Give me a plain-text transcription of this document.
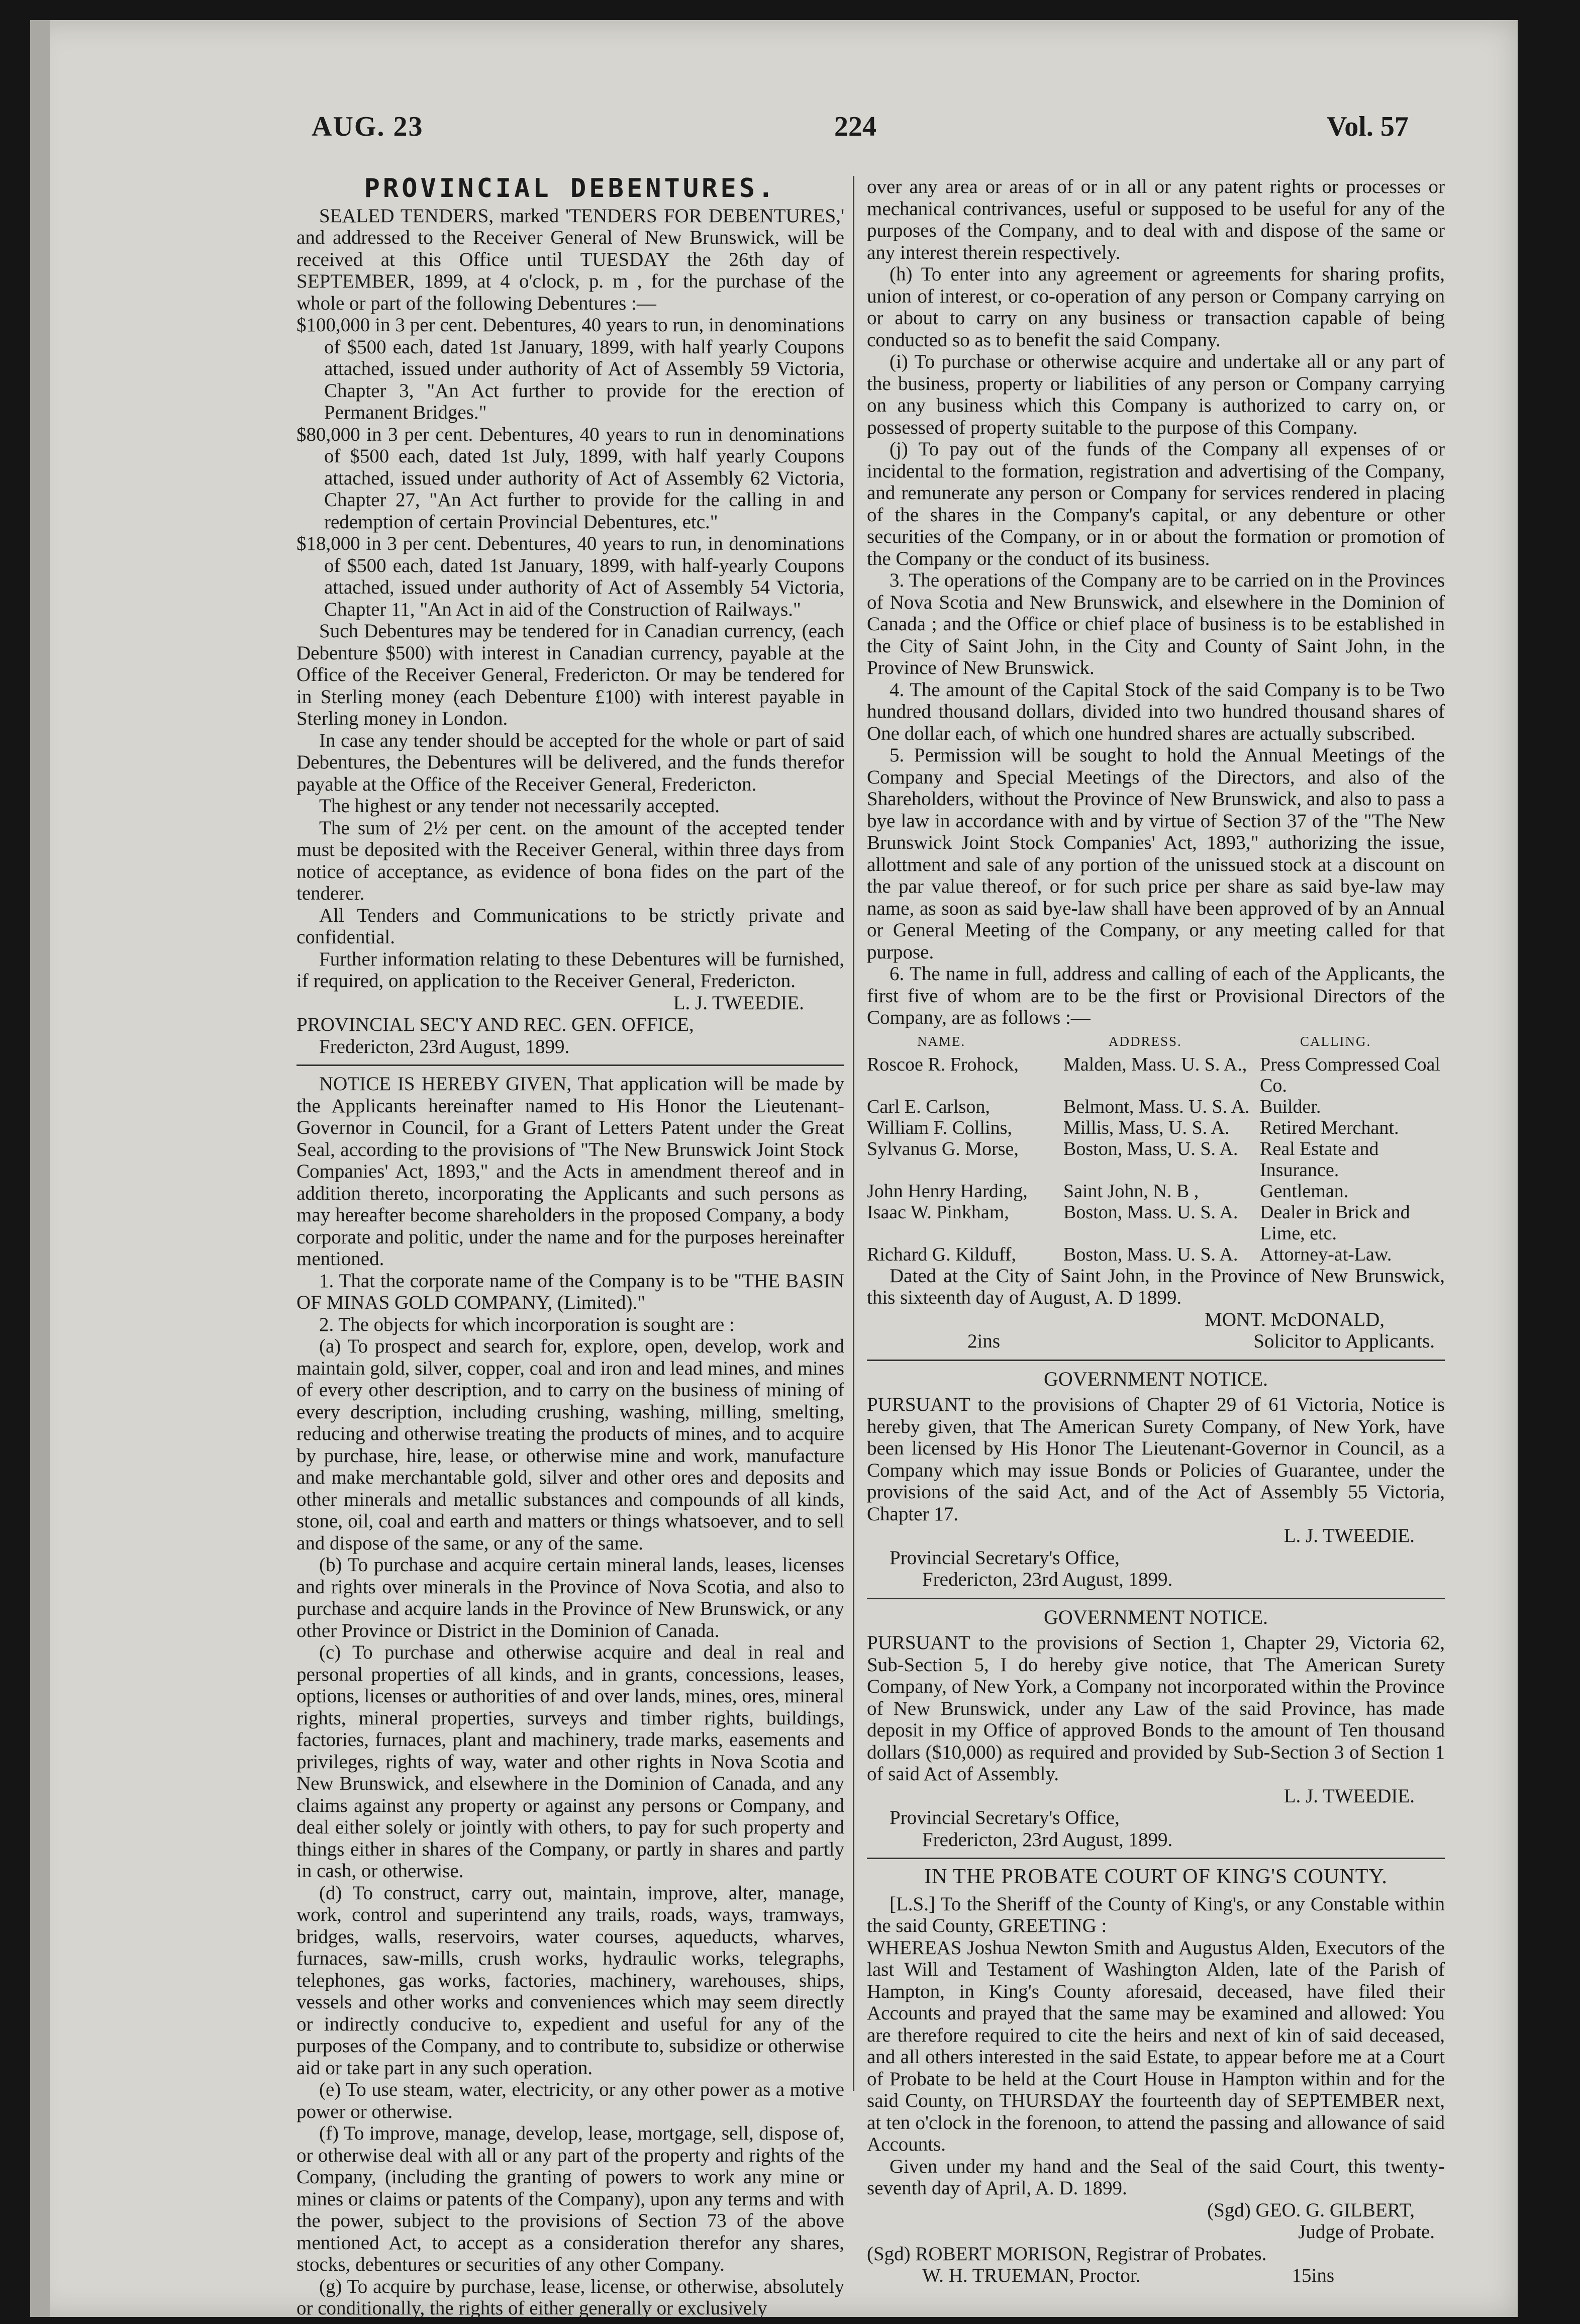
AUG. 23	224	Vol. 57
PROVINCIAL DEBENTURES.

SEALED TENDERS, marked 'TENDERS FOR DEBENTURES,' and addressed to the Receiver General of New Brunswick, will be received at this Office until TUESDAY the 26th day of SEPTEMBER, 1899, at 4 o'clock, p. m , for the purchase of the whole or part of the following Debentures :—

$100,000 in 3 per cent. Debentures, 40 years to run, in denominations of $500 each, dated 1st January, 1899, with half yearly Coupons attached, issued under authority of Act of Assembly 59 Victoria, Chapter 3, "An Act further to provide for the erection of Permanent Bridges."

$80,000 in 3 per cent. Debentures, 40 years to run in denominations of $500 each, dated 1st July, 1899, with half yearly Coupons attached, issued under authority of Act of Assembly 62 Victoria, Chapter 27, "An Act further to provide for the calling in and redemption of certain Provincial Debentures, etc."

$18,000 in 3 per cent. Debentures, 40 years to run, in denominations of $500 each, dated 1st January, 1899, with half-yearly Coupons attached, issued under authority of Act of Assembly 54 Victoria, Chapter 11, "An Act in aid of the Construction of Railways."

Such Debentures may be tendered for in Canadian currency, (each Debenture $500) with interest in Canadian currency, payable at the Office of the Receiver General, Fredericton. Or may be tendered for in Sterling money (each Debenture £100) with interest payable in Sterling money in London.

In case any tender should be accepted for the whole or part of said Debentures, the Debentures will be delivered, and the funds therefor payable at the Office of the Receiver General, Fredericton.

The highest or any tender not necessarily accepted.

The sum of 2½ per cent. on the amount of the accepted tender must be deposited with the Receiver General, within three days from notice of acceptance, as evidence of bona fides on the part of the tenderer.

All Tenders and Communications to be strictly private and confidential.

Further information relating to these Debentures will be furnished, if required, on application to the Receiver General, Fredericton.

L. J. TWEEDIE.

PROVINCIAL SEC'Y AND REC. GEN. OFFICE,

Fredericton, 23rd August, 1899.

NOTICE IS HEREBY GIVEN, That application will be made by the Applicants hereinafter named to His Honor the Lieutenant-Governor in Council, for a Grant of Letters Patent under the Great Seal, according to the provisions of "The New Brunswick Joint Stock Companies' Act, 1893," and the Acts in amendment thereof and in addition thereto, incorporating the Applicants and such persons as may hereafter become shareholders in the proposed Company, a body corporate and politic, under the name and for the purposes hereinafter mentioned.

1. That the corporate name of the Company is to be "THE BASIN OF MINAS GOLD COMPANY, (Limited)."

2. The objects for which incorporation is sought are :

(a) To prospect and search for, explore, open, develop, work and maintain gold, silver, copper, coal and iron and lead mines, and mines of every other description, and to carry on the business of mining of every description, including crushing, washing, milling, smelting, reducing and otherwise treating the products of mines, and to acquire by purchase, hire, lease, or otherwise mine and work, manufacture and make merchantable gold, silver and other ores and deposits and other minerals and metallic substances and compounds of all kinds, stone, oil, coal and earth and matters or things whatsoever, and to sell and dispose of the same, or any of the same.

(b) To purchase and acquire certain mineral lands, leases, licenses and rights over minerals in the Province of Nova Scotia, and also to purchase and acquire lands in the Province of New Brunswick, or any other Province or District in the Dominion of Canada.

(c) To purchase and otherwise acquire and deal in real and personal properties of all kinds, and in grants, concessions, leases, options, licenses or authorities of and over lands, mines, ores, mineral rights, mineral properties, surveys and timber rights, buildings, factories, furnaces, plant and machinery, trade marks, easements and privileges, rights of way, water and other rights in Nova Scotia and New Brunswick, and elsewhere in the Dominion of Canada, and any claims against any property or against any persons or Company, and deal either solely or jointly with others, to pay for such property and things either in shares of the Company, or partly in shares and partly in cash, or otherwise.

(d) To construct, carry out, maintain, improve, alter, manage, work, control and superintend any trails, roads, ways, tramways, bridges, walls, reservoirs, water courses, aqueducts, wharves, furnaces, saw-mills, crush works, hydraulic works, telegraphs, telephones, gas works, factories, machinery, warehouses, ships, vessels and other works and conveniences which may seem directly or indirectly conducive to, expedient and useful for any of the purposes of the Company, and to contribute to, subsidize or otherwise aid or take part in any such operation.

(e) To use steam, water, electricity, or any other power as a motive power or otherwise.

(f) To improve, manage, develop, lease, mortgage, sell, dispose of, or otherwise deal with all or any part of the property and rights of the Company, (including the granting of powers to work any mine or mines or claims or patents of the Company), upon any terms and with the power, subject to the provisions of Section 73 of the above mentioned Act, to accept as a consideration therefor any shares, stocks, debentures or securities of any other Company.

(g) To acquire by purchase, lease, license, or otherwise, absolutely or conditionally, the rights of either generally or exclusively

over any area or areas of or in all or any patent rights or processes or mechanical contrivances, useful or supposed to be useful for any of the purposes of the Company, and to deal with and dispose of the same or any interest therein respectively.

(h) To enter into any agreement or agreements for sharing profits, union of interest, or co-operation of any person or Company carrying on or about to carry on any business or transaction capable of being conducted so as to benefit the said Company.

(i) To purchase or otherwise acquire and undertake all or any part of the business, property or liabilities of any person or Company carrying on any business which this Company is authorized to carry on, or possessed of property suitable to the purpose of this Company.

(j) To pay out of the funds of the Company all expenses of or incidental to the formation, registration and advertising of the Company, and remunerate any person or Company for services rendered in placing of the shares in the Company's capital, or any debenture or other securities of the Company, or in or about the formation or promotion of the Company or the conduct of its business.

3. The operations of the Company are to be carried on in the Provinces of Nova Scotia and New Brunswick, and elsewhere in the Dominion of Canada ; and the Office or chief place of business is to be established in the City of Saint John, in the City and County of Saint John, in the Province of New Brunswick.

4. The amount of the Capital Stock of the said Company is to be Two hundred thousand dollars, divided into two hundred thousand shares of One dollar each, of which one hundred shares are actually subscribed.

5. Permission will be sought to hold the Annual Meetings of the Company and Special Meetings of the Directors, and also of the Shareholders, without the Province of New Brunswick, and also to pass a bye law in accordance with and by virtue of Section 37 of the "The New Brunswick Joint Stock Companies' Act, 1893," authorizing the issue, allottment and sale of any portion of the unissued stock at a discount on the par value thereof, or for such price per share as said bye-law may name, as soon as said bye-law shall have been approved of by an Annual or General Meeting of the Company, or any meeting called for that purpose.

6. The name in full, address and calling of each of the Applicants, the first five of whom are to be the first or Provisional Directors of the Company, are as follows :—

NAME.	ADDRESS.	CALLING.
Roscoe R. Frohock,	Malden, Mass. U. S. A.,	Press Compressed Coal Co.
Carl E. Carlson,	Belmont, Mass. U. S. A.	Builder.
William F. Collins,	Millis, Mass, U. S. A.	Retired Merchant.
Sylvanus G. Morse,	Boston, Mass, U. S. A.	Real Estate and Insurance.
John Henry Harding,	Saint John, N. B ,	Gentleman.
Isaac W. Pinkham,	Boston, Mass. U. S. A.	Dealer in Brick and Lime, etc.
Richard G. Kilduff,	Boston, Mass. U. S. A.	Attorney-at-Law.

Dated at the City of Saint John, in the Province of New Brunswick, this sixteenth day of August, A. D 1899.

MONT. McDONALD,

2ins	Solicitor to Applicants.
GOVERNMENT NOTICE.

PURSUANT to the provisions of Chapter 29 of 61 Victoria, Notice is hereby given, that The American Surety Company, of New York, have been licensed by His Honor The Lieutenant-Governor in Council, as a Company which may issue Bonds or Policies of Guarantee, under the provisions of the said Act, and of the Act of Assembly 55 Victoria, Chapter 17.

L. J. TWEEDIE.

Provincial Secretary's Office,

Fredericton, 23rd August, 1899.

GOVERNMENT NOTICE.

PURSUANT to the provisions of Section 1, Chapter 29, Victoria 62, Sub-Section 5, I do hereby give notice, that The American Surety Company, of New York, a Company not incorporated within the Province of New Brunswick, under any Law of the said Province, has made deposit in my Office of approved Bonds to the amount of Ten thousand dollars ($10,000) as required and provided by Sub-Section 3 of Section 1 of said Act of Assembly.

L. J. TWEEDIE.

Provincial Secretary's Office,

Fredericton, 23rd August, 1899.

IN THE PROBATE COURT OF KING'S COUNTY.

[L.S.] To the Sheriff of the County of King's, or any Constable within the said County, GREETING :

WHEREAS Joshua Newton Smith and Augustus Alden, Executors of the last Will and Testament of Washington Alden, late of the Parish of Hampton, in King's County aforesaid, deceased, have filed their Accounts and prayed that the same may be examined and allowed: You are therefore required to cite the heirs and next of kin of said deceased, and all others interested in the said Estate, to appear before me at a Court of Probate to be held at the Court House in Hampton within and for the said County, on THURSDAY the fourteenth day of SEPTEMBER next, at ten o'clock in the forenoon, to attend the passing and allowance of said Accounts.

Given under my hand and the Seal of the said Court, this twenty-seventh day of April, A. D. 1899.

(Sgd) GEO. G. GILBERT,

Judge of Probate.

(Sgd) ROBERT MORISON, Registrar of Probates.

W. H. TRUEMAN, Proctor.	15ins
